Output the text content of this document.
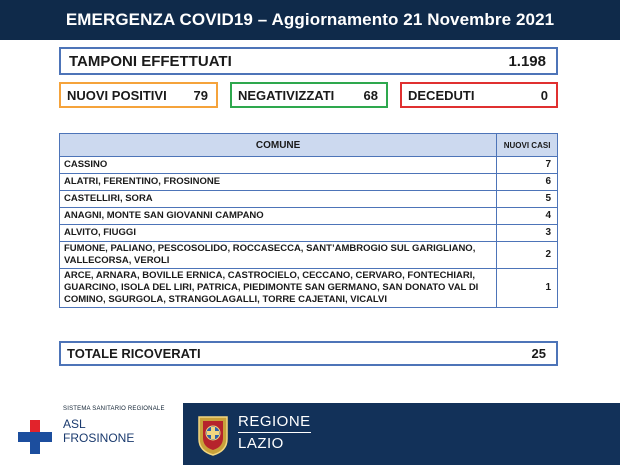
EMERGENZA COVID19 – Aggiornamento 21 Novembre 2021
TAMPONI EFFETTUATI	1.198
NUOVI POSITIVI 79 NEGATIVIZZATI 68 DECEDUTI	0
COMUNE	NUOVI CASI
CASSINO	7
ALATRI, FERENTINO, FROSINONE	6
CASTELLIRI, SORA	5
ANAGNI, MONTE SAN GIOVANNI CAMPANO	4
ALVITO, FIUGGI	3
FUMONE, PALIANO, PESCOSOLIDO, ROCCASECCA, SANT’AMBROGIO SUL GARIGLIANO, VALLECORSA, VEROLI	2
ARCE, ARNARA, BOVILLE ERNICA, CASTROCIELO, CECCANO, CERVARO, FONTECHIARI, GUARCINO, ISOLA DEL LIRI, PATRICA, PIEDIMONTE SAN GERMANO, SAN DONATO VAL DI COMINO, SGURGOLA, STRANGOLAGALLI, TORRE CAJETANI, VICALVI	1
TOTALE RICOVERATI	25
SISTEMA SANITARIO REGIONALE
ASL
FROSINONE
REGIONE
LAZIO
